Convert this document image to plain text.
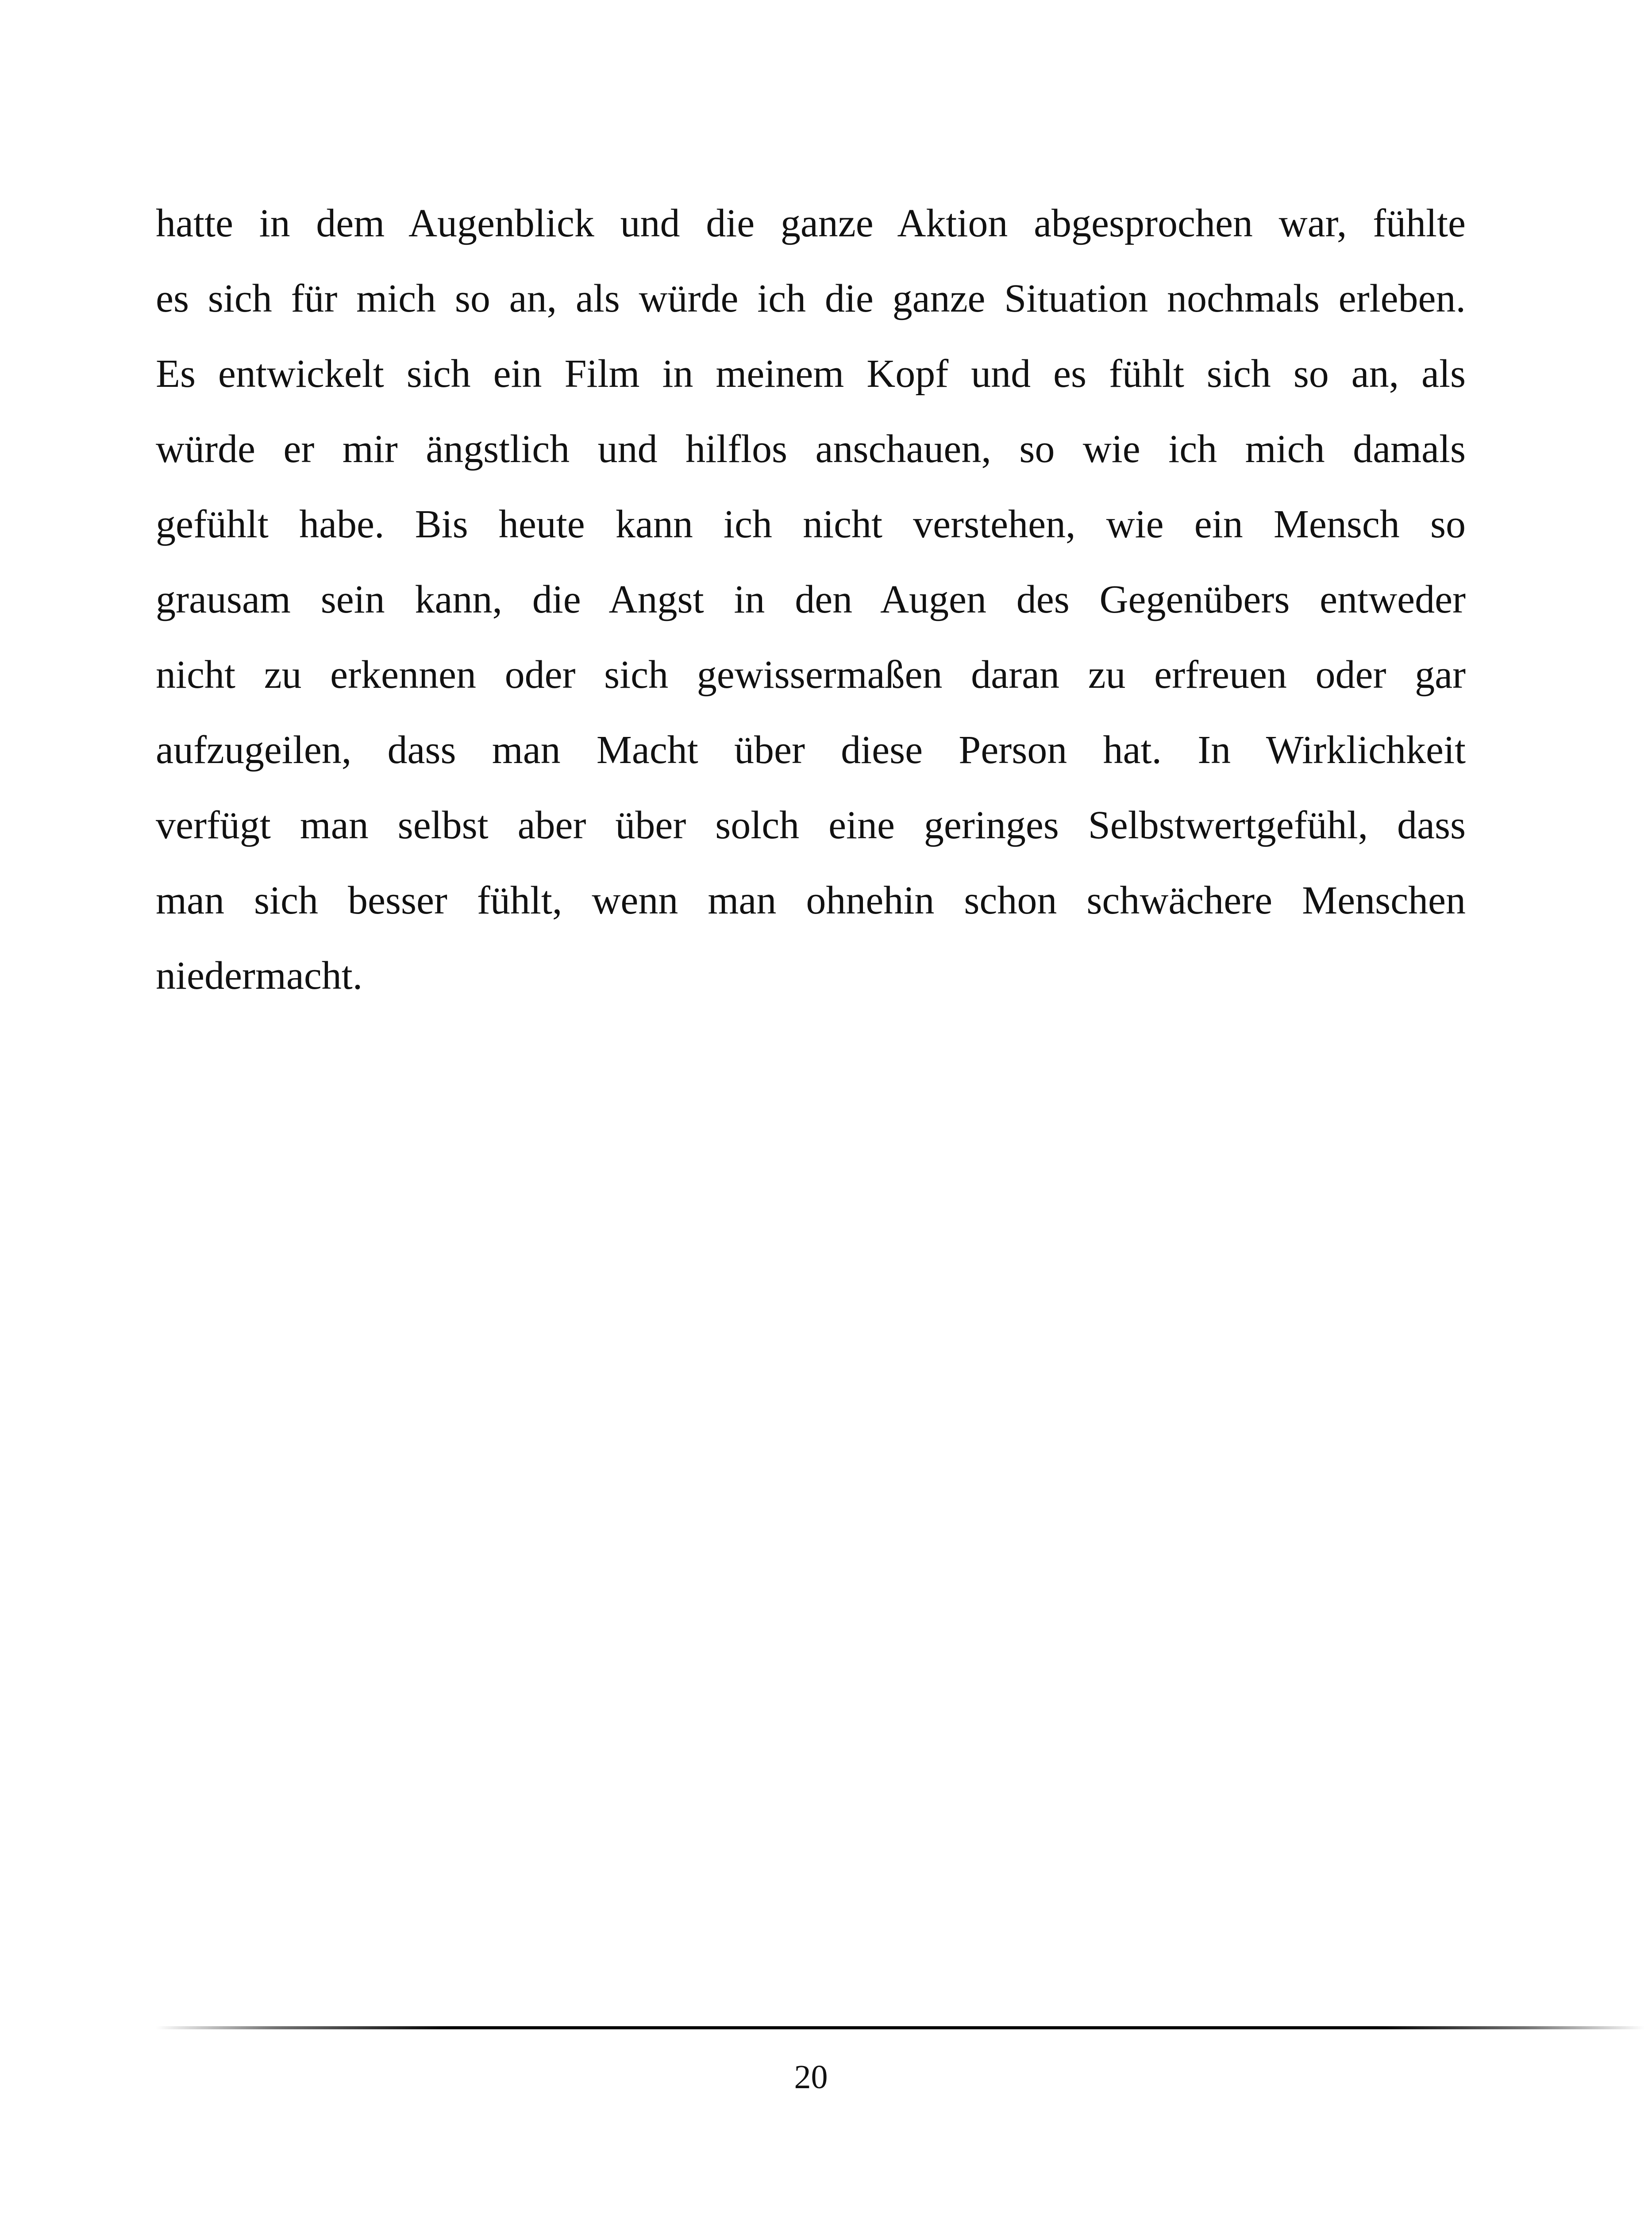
hatte in dem Augenblick und die ganze Aktion abgesprochen war, fühlte
es sich für mich so an, als würde ich die ganze Situation nochmals erleben.
Es entwickelt sich ein Film in meinem Kopf und es fühlt sich so an, als
würde er mir ängstlich und hilflos anschauen, so wie ich mich damals
gefühlt habe. Bis heute kann ich nicht verstehen, wie ein Mensch so
grausam sein kann, die Angst in den Augen des Gegenübers entweder
nicht zu erkennen oder sich gewissermaßen daran zu erfreuen oder gar
aufzugeilen, dass man Macht über diese Person hat. In Wirklichkeit
verfügt man selbst aber über solch eine geringes Selbstwertgefühl, dass
man sich besser fühlt, wenn man ohnehin schon schwächere Menschen
niedermacht.
20
